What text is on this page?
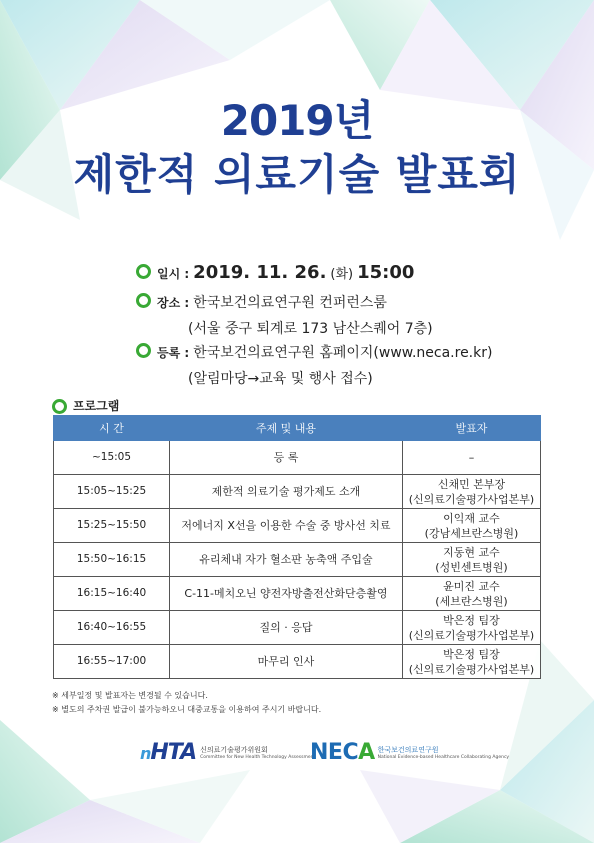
2019년
제한적 의료기술 발표회
일시 : 2019. 11. 26. (화) 15:00
장소 : 한국보건의료연구원 컨퍼런스룸
(서울 중구 퇴계로 173 남산스퀘어 7층)
등록 : 한국보건의료연구원 홈페이지(www.neca.re.kr)
(알림마당→교육 및 행사 접수)
프로그램
시 간	주제 및 내용	발표자
~15:05	등 록	–
15:05~15:25	제한적 의료기술 평가제도 소개	신채민 본부장
(신의료기술평가사업본부)

15:25~15:50	저에너지 X선을 이용한 수술 중 방사선 치료	이익재 교수
(강남세브란스병원)

15:50~16:15	유리체내 자가 혈소판 농축액 주입술	지동현 교수
(성빈센트병원)

16:15~16:40	C-11-메치오닌 양전자방출전산화단층촬영	윤미진 교수
(세브란스병원)

16:40~16:55	질의 · 응답	박은정 팀장
(신의료기술평가사업본부)

16:55~17:00	마무리 인사	박은정 팀장
(신의료기술평가사업본부)
※ 세부일정 및 발표자는 변경될 수 있습니다.
※ 별도의 주차권 발급이 불가능하오니 대중교통을 이용하여 주시기 바랍니다.
nHTA 신의료기술평가위원회
Committee for New Health Technology Assessment
NECA 한국보건의료연구원
National Evidence-based Healthcare Collaborating Agency
